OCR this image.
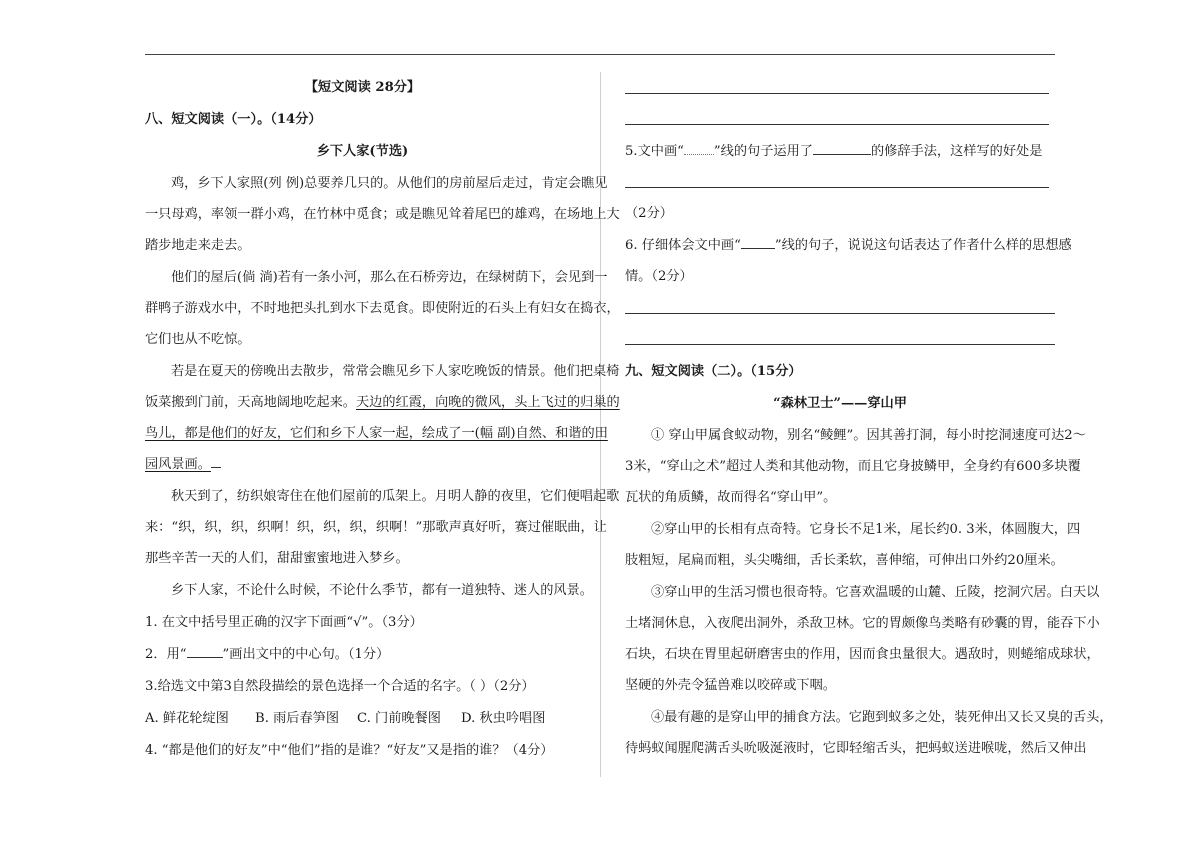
【短文阅读 28分】
八、短文阅读（一）。（14分）
乡下人家(节选)
鸡，乡下人家照(列 例)总要养几只的。从他们的房前屋后走过，肯定会瞧见
一只母鸡，率领一群小鸡，在竹林中觅食；或是瞧见耸着尾巴的雄鸡，在场地上大
踏步地走来走去。
他们的屋后(倘 淌)若有一条小河，那么在石桥旁边，在绿树荫下，会见到一
群鸭子游戏水中，不时地把头扎到水下去觅食。即使附近的石头上有妇女在捣衣，
它们也从不吃惊。
若是在夏天的傍晚出去散步，常常会瞧见乡下人家吃晚饭的情景。他们把桌椅
饭菜搬到门前，天高地阔地吃起来。天边的红霞，向晚的微风，头上飞过的归巢的
鸟儿，都是他们的好友，它们和乡下人家一起，绘成了一(幅 副)自然、和谐的田
园风景画。
秋天到了，纺织娘寄住在他们屋前的瓜架上。月明人静的夜里，它们便唱起歌
来：“织，织，织，织啊！织，织，织，织啊！”那歌声真好听，赛过催眠曲，让
那些辛苦一天的人们，甜甜蜜蜜地进入梦乡。
乡下人家，不论什么时候，不论什么季节，都有一道独特、迷人的风景。
1. 在文中括号里正确的汉字下面画“√”。（3分）
2．用“	”画出文中的中心句。（1分）
3.给选文中第3自然段描绘的景色选择一个合适的名字。（ ）（2分）
A. 鲜花轮绽图 B. 雨后春笋图 C. 门前晚餐图 D. 秋虫吟唱图
4. “都是他们的好友”中“他们”指的是谁？“好友”又是指的谁？（4分）
5.文中画“ ”线的句子运用了	的修辞手法，这样写的好处是
（2分）
6. 仔细体会文中画“	”线的句子，说说这句话表达了作者什么样的思想感
情。（2分）
九、短文阅读（二）。（15分）
“森林卫士”——穿山甲
① 穿山甲属食蚁动物，别名“鲮鲤”。因其善打洞，每小时挖洞速度可达2～
3米，“穿山之术”超过人类和其他动物，而且它身披鳞甲，全身约有600多块覆
瓦状的角质鳞，故而得名“穿山甲”。
②穿山甲的长相有点奇特。它身长不足1米，尾长约0. 3米，体圆腹大，四
肢粗短，尾扁而粗，头尖嘴细，舌长柔软，喜伸缩，可伸出口外约20厘米。
③穿山甲的生活习惯也很奇特。它喜欢温暖的山麓、丘陵，挖洞穴居。白天以
土堵洞休息，入夜爬出洞外，杀敌卫林。它的胃颇像鸟类略有砂囊的胃，能吞下小
石块，石块在胃里起研磨害虫的作用，因而食虫量很大。遇敌时，则蜷缩成球状，
坚硬的外壳令猛兽难以咬碎或下咽。
④最有趣的是穿山甲的捕食方法。它跑到蚁多之处，装死伸出又长又臭的舌头，
待蚂蚁闻腥爬满舌头吮吸涎液时，它即轻缩舌头，把蚂蚁送进喉咙，然后又伸出
